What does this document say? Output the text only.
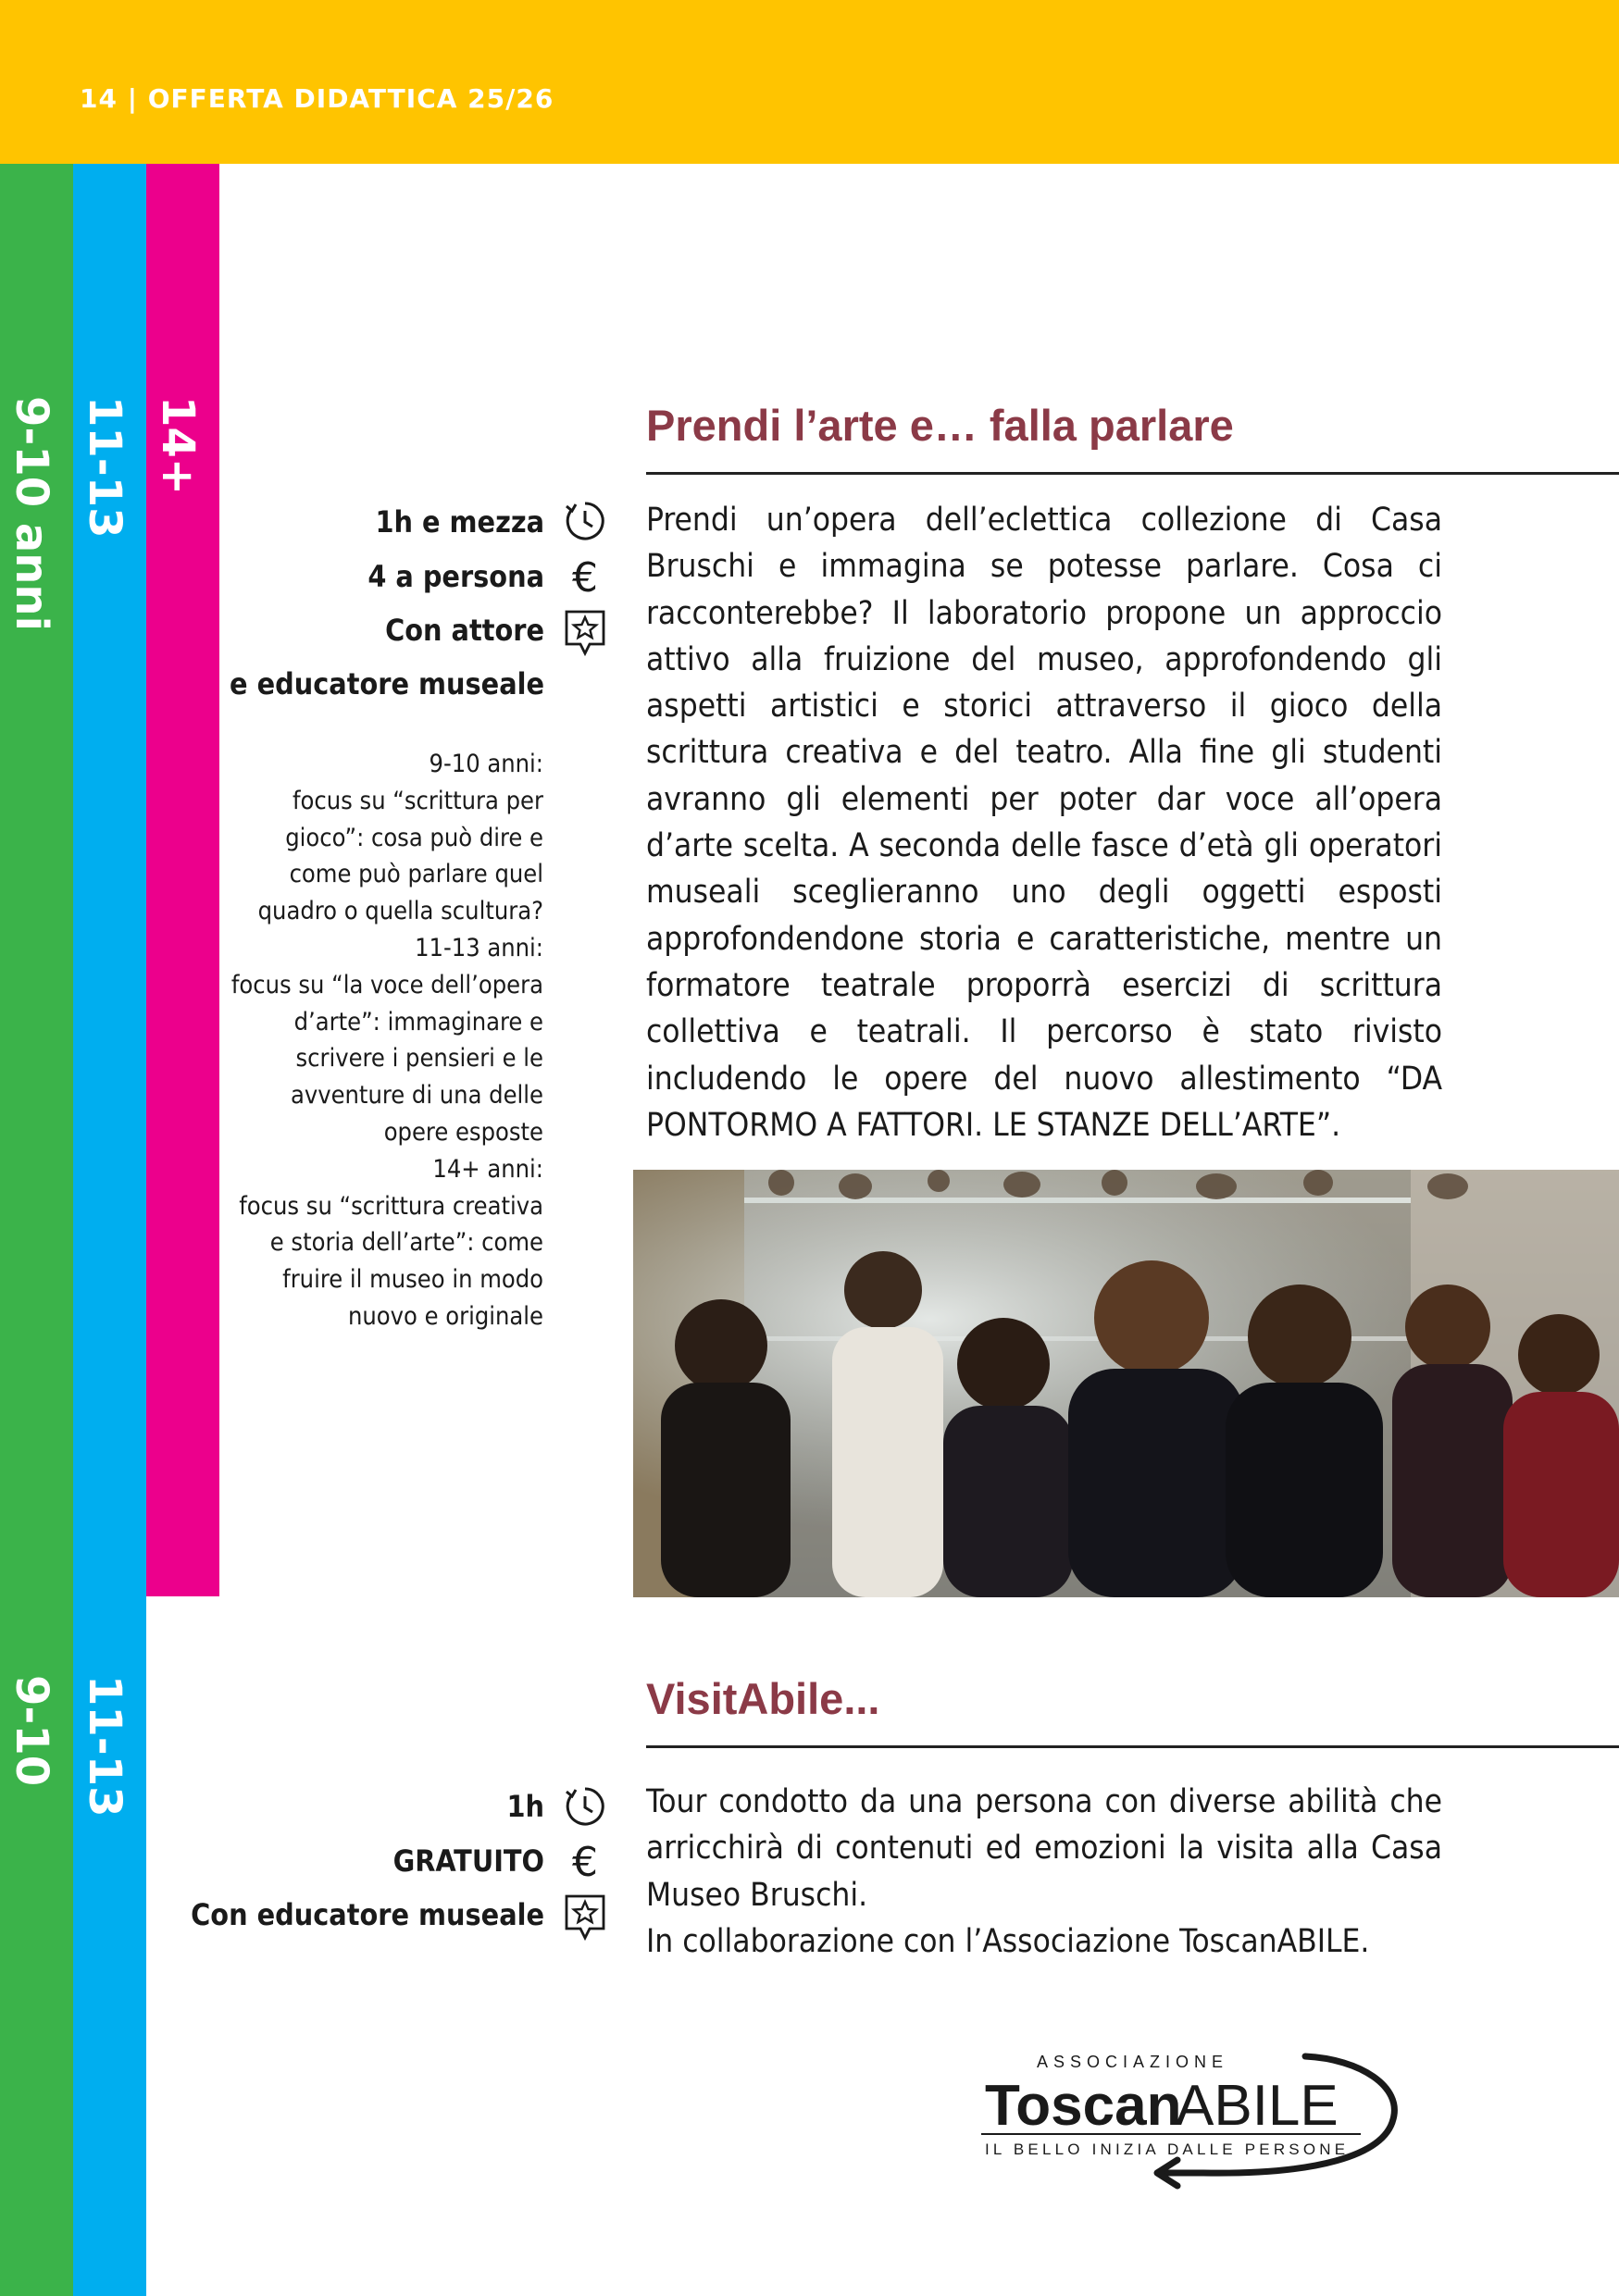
14 | OFFERTA DIDATTICA 25/26
9-10 anni 11-13 14+
9-10 11-13
Prendi l’arte e… falla parlare
1h e mezza
4 a persona
Con attore
e educatore museale
€

9-10 anni:

focus su “scrittura per gioco”: cosa può dire e come può parlare quel quadro o quella scultura?

11-13 anni:

focus su “la voce dell’opera d’arte”: immaginare e scrivere i pensieri e le avventure di una delle opere esposte

14+ anni:

focus su “scrittura creativa e storia dell’arte”: come fruire il museo in modo nuovo e originale

Prendi un’opera dell’eclettica collezione di Casa Bruschi e immagina se potesse parlare. Cosa ci racconterebbe? Il laboratorio propone un approccio attivo alla fruizione del museo, approfondendo gli aspetti artistici e storici attraverso il gioco della scrittura creativa e del teatro. Alla fine gli studenti avranno gli elementi per poter dar voce all’opera d’arte scelta. A seconda delle fasce d’età gli operatori museali sceglieranno uno degli oggetti esposti approfondendone storia e caratteristiche, mentre un formatore teatrale proporrà esercizi di scrittura collettiva e teatrali. Il percorso è stato rivisto includendo le opere del nuovo allestimento “DA PONTORMO A FATTORI. LE STANZE DELL’ARTE”.

VisitAbile...
1h
GRATUITO
Con educatore museale
€

Tour condotto da una persona con diverse abilità che arricchirà di contenuti ed emozioni la visita alla Casa Museo Bruschi.

In collaborazione con l’Associazione ToscanABILE.

ASSOCIAZIONE
Toscan
ABILE
IL BELLO INIZIA DALLE PERSONE
